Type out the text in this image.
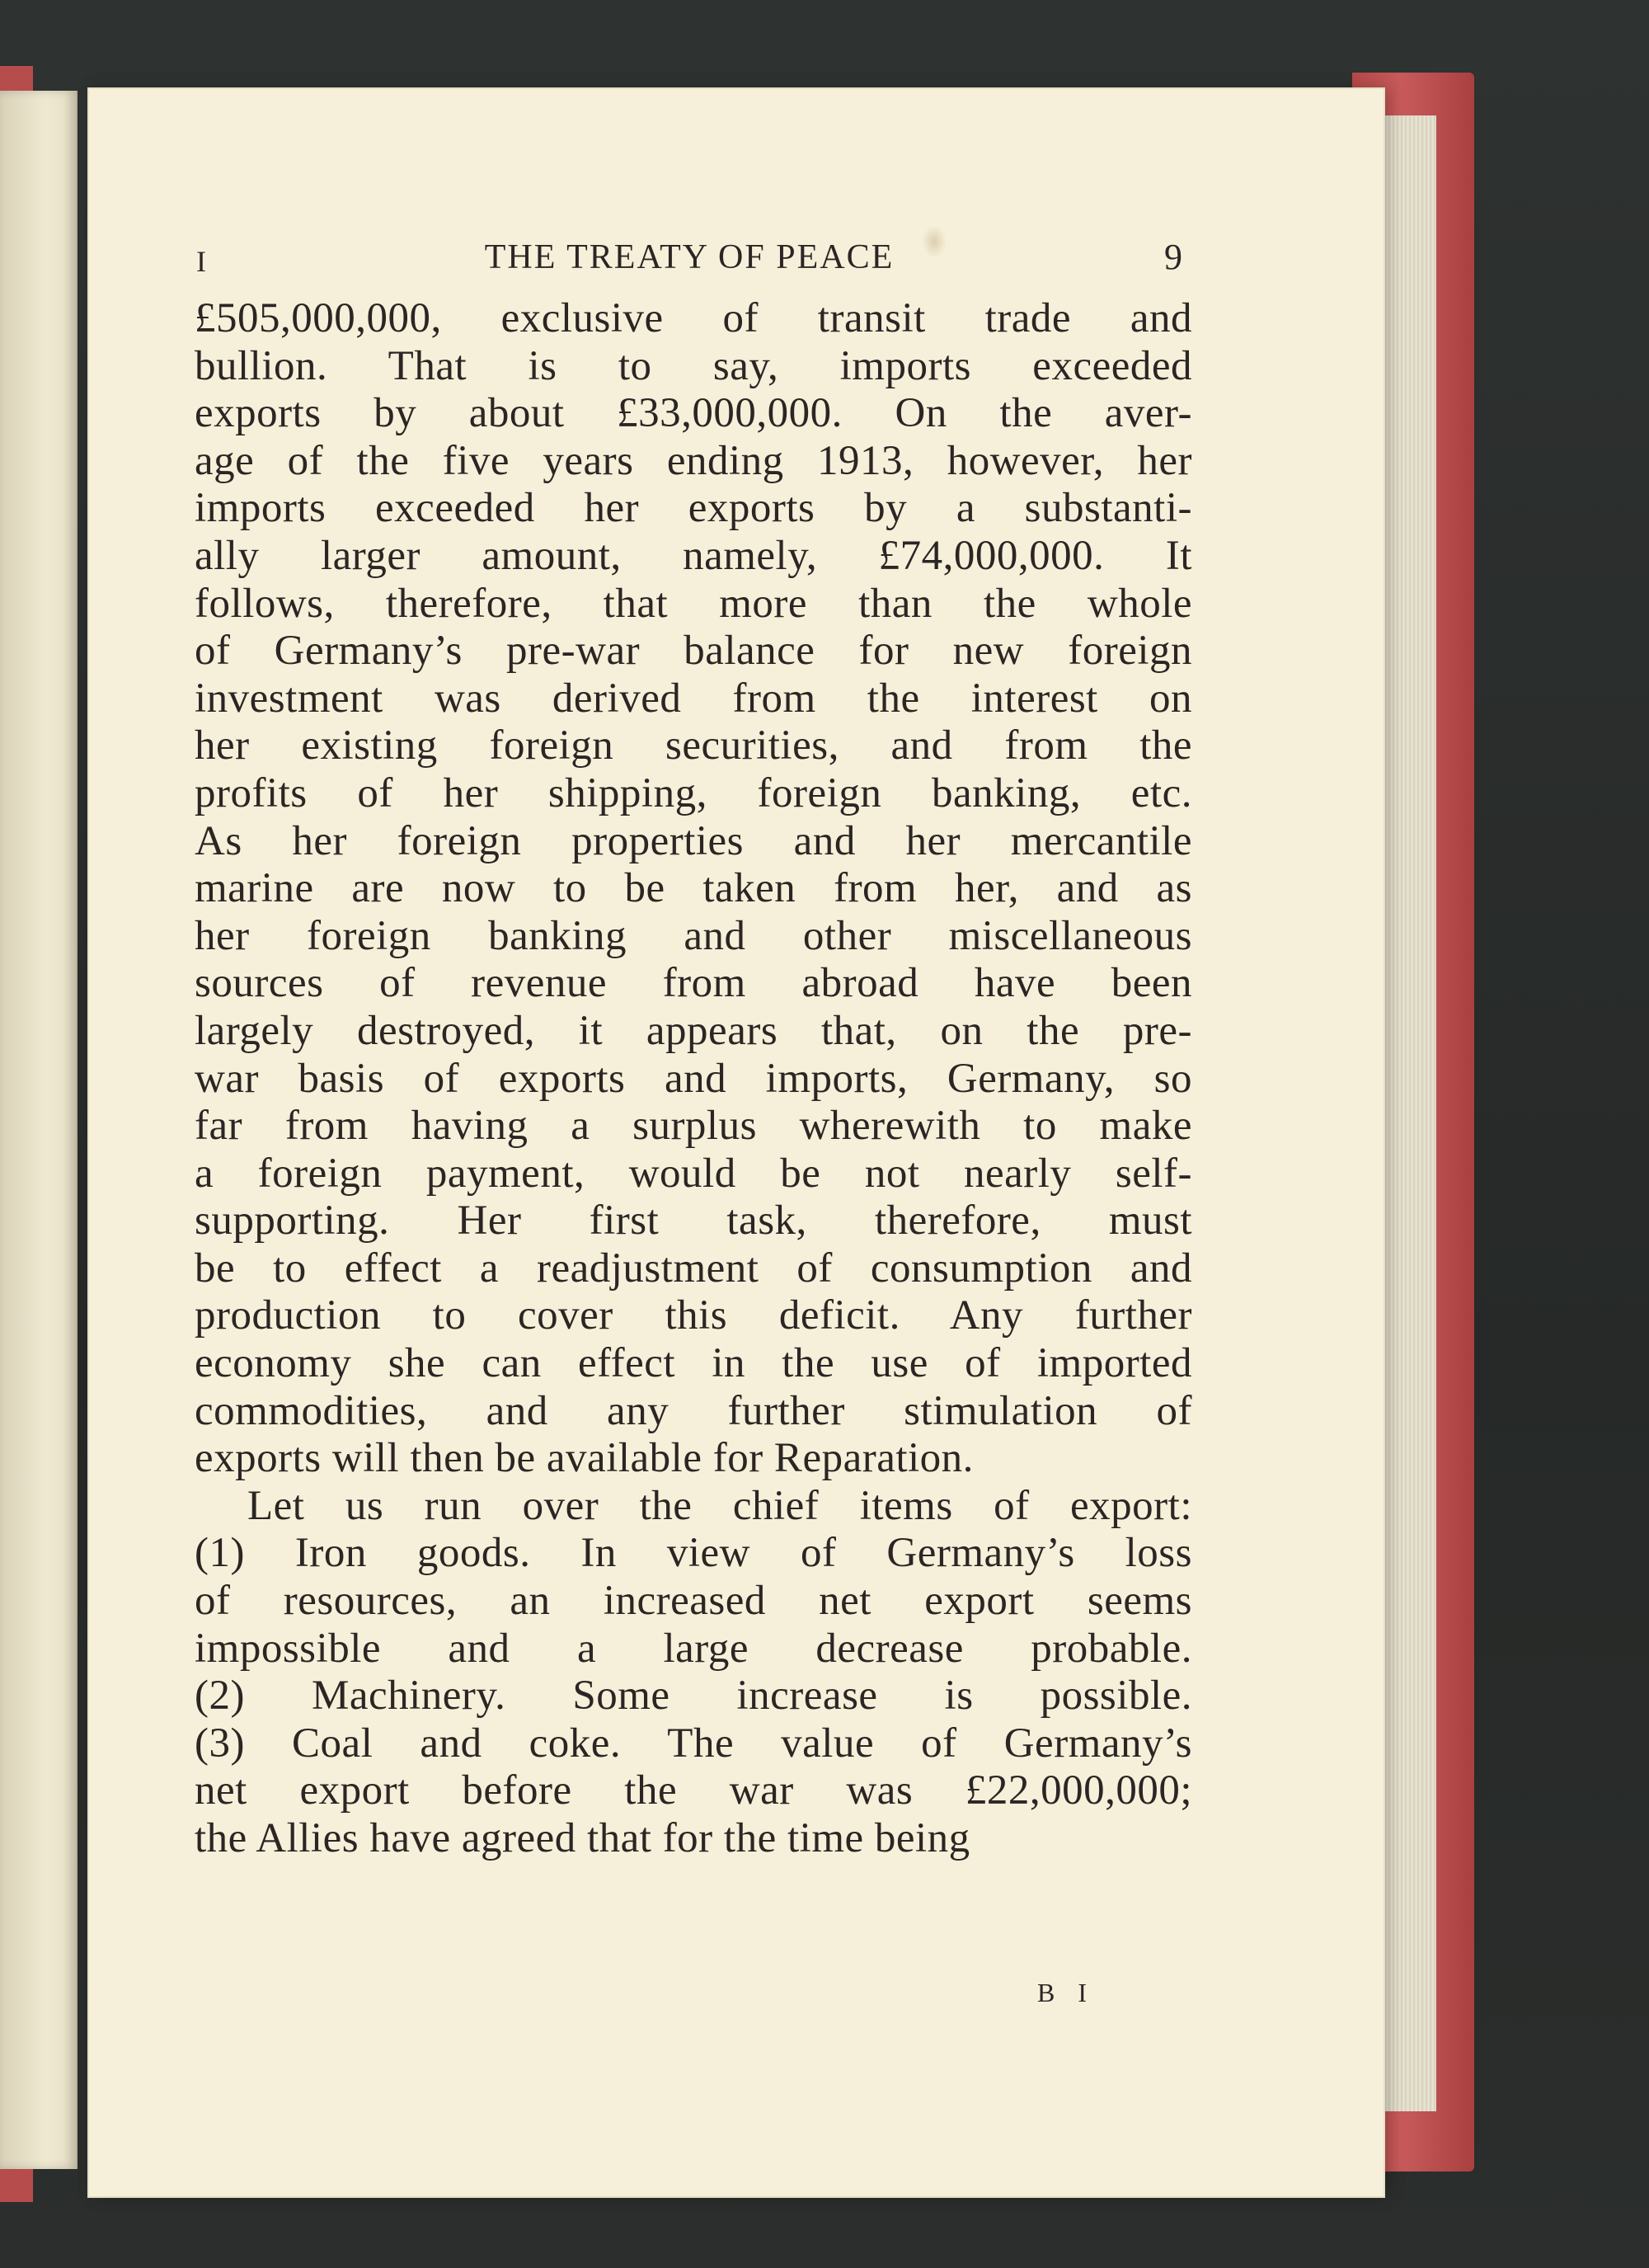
I	THE TREATY OF PEACE	9

£505,000,000, exclusive of transit trade and
bullion. That is to say, imports exceeded
exports by about £33,000,000. On the aver-
age of the five years ending 1913, however, her
imports exceeded her exports by a substanti-
ally larger amount, namely, £74,000,000. It
follows, therefore, that more than the whole
of Germany’s pre-war balance for new foreign
investment was derived from the interest on
her existing foreign securities, and from the
profits of her shipping, foreign banking, etc.
As her foreign properties and her mercantile
marine are now to be taken from her, and as
her foreign banking and other miscellaneous
sources of revenue from abroad have been
largely destroyed, it appears that, on the pre-
war basis of exports and imports, Germany, so
far from having a surplus wherewith to make
a foreign payment, would be not nearly self-
supporting. Her first task, therefore, must
be to effect a readjustment of consumption and
production to cover this deficit. Any further
economy she can effect in the use of imported
commodities, and any further stimulation of
exports will then be available for Reparation.

Let us run over the chief items of export:
(1) Iron goods. In view of Germany’s loss
of resources, an increased net export seems
impossible and a large decrease probable.
(2) Machinery. Some increase is possible.
(3) Coal and coke. The value of Germany’s
net export before the war was £22,000,000;
the Allies have agreed that for the time being

B I
